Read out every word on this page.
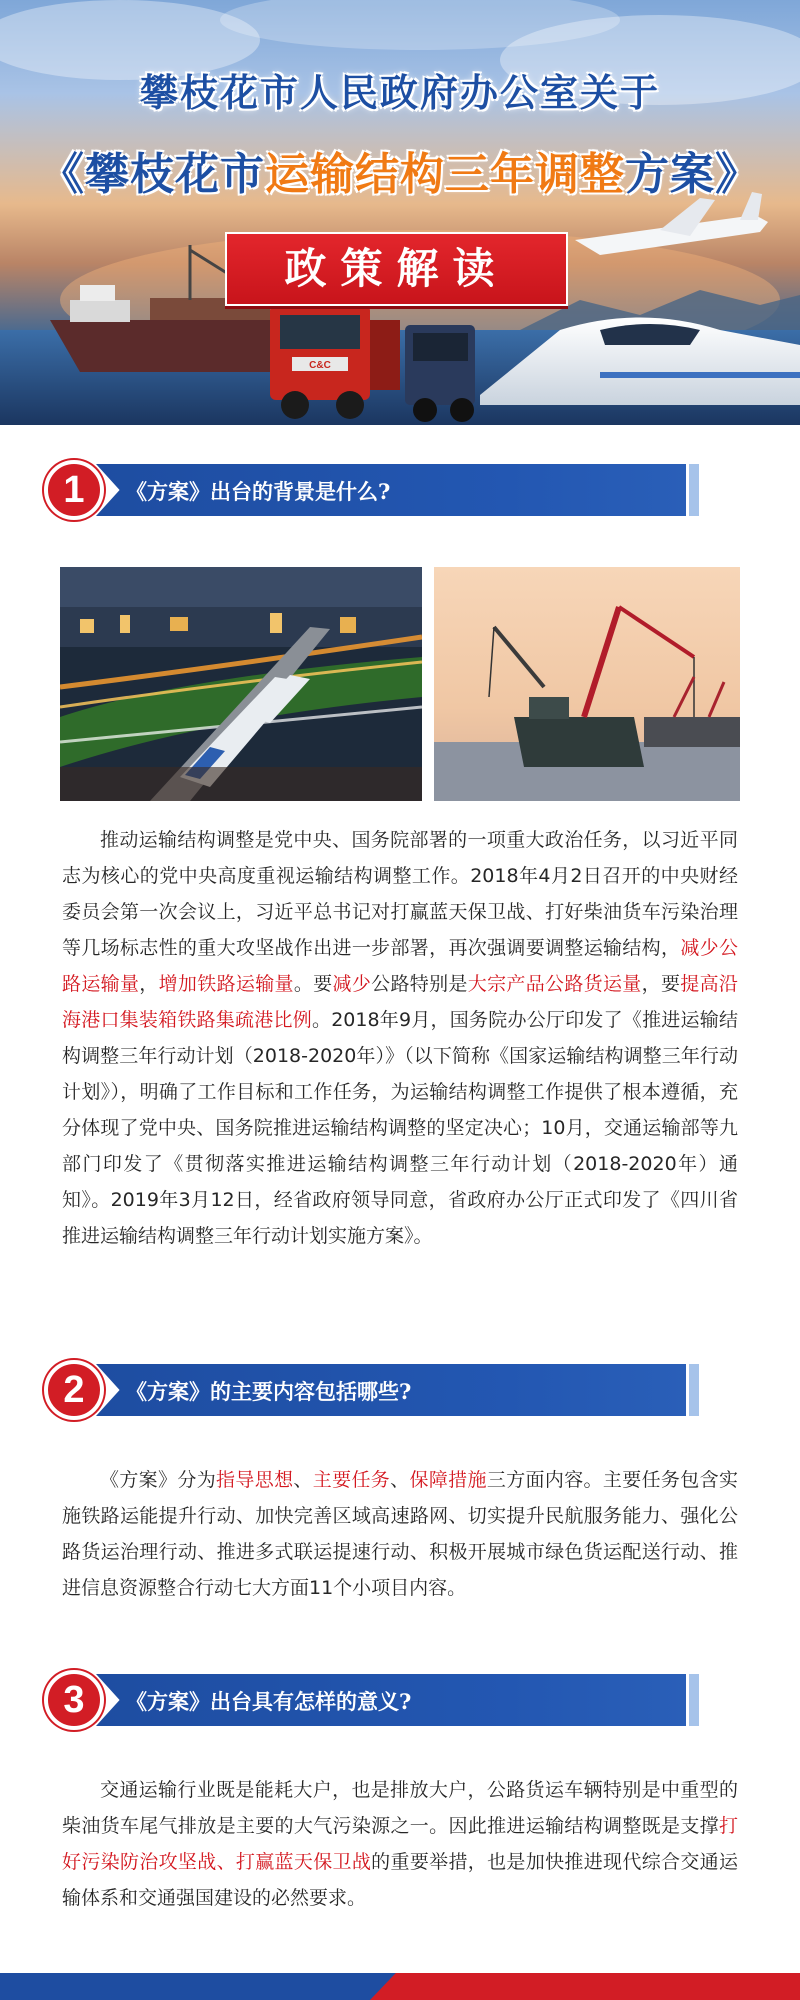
C&C
攀枝花市人民政府办公室关于
《攀枝花市运输结构三年调整方案》
政策解读
1	《方案》出台的背景是什么?

推动运输结构调整是党中央、国务院部署的一项重大政治任务，以习近平同志为核心的党中央高度重视运输结构调整工作。2018年4月2日召开的中央财经委员会第一次会议上，习近平总书记对打赢蓝天保卫战、打好柴油货车污染治理等几场标志性的重大攻坚战作出进一步部署，再次强调要调整运输结构，减少公路运输量，增加铁路运输量。要减少公路特别是大宗产品公路货运量，要提高沿海港口集装箱铁路集疏港比例。2018年9月，国务院办公厅印发了《推进运输结构调整三年行动计划（2018-2020年）》（以下简称《国家运输结构调整三年行动计划》），明确了工作目标和工作任务，为运输结构调整工作提供了根本遵循，充分体现了党中央、国务院推进运输结构调整的坚定决心；10月，交通运输部等九部门印发了《贯彻落实推进运输结构调整三年行动计划（2018-2020年）通知》。2019年3月12日，经省政府领导同意，省政府办公厅正式印发了《四川省推进运输结构调整三年行动计划实施方案》。

2	《方案》的主要内容包括哪些?

《方案》分为指导思想、主要任务、保障措施三方面内容。主要任务包含实施铁路运能提升行动、加快完善区域高速路网、切实提升民航服务能力、强化公路货运治理行动、推进多式联运提速行动、积极开展城市绿色货运配送行动、推进信息资源整合行动七大方面11个小项目内容。

3	《方案》出台具有怎样的意义?

交通运输行业既是能耗大户，也是排放大户，公路货运车辆特别是中重型的柴油货车尾气排放是主要的大气污染源之一。因此推进运输结构调整既是支撑打好污染防治攻坚战、打赢蓝天保卫战的重要举措，也是加快推进现代综合交通运输体系和交通强国建设的必然要求。
